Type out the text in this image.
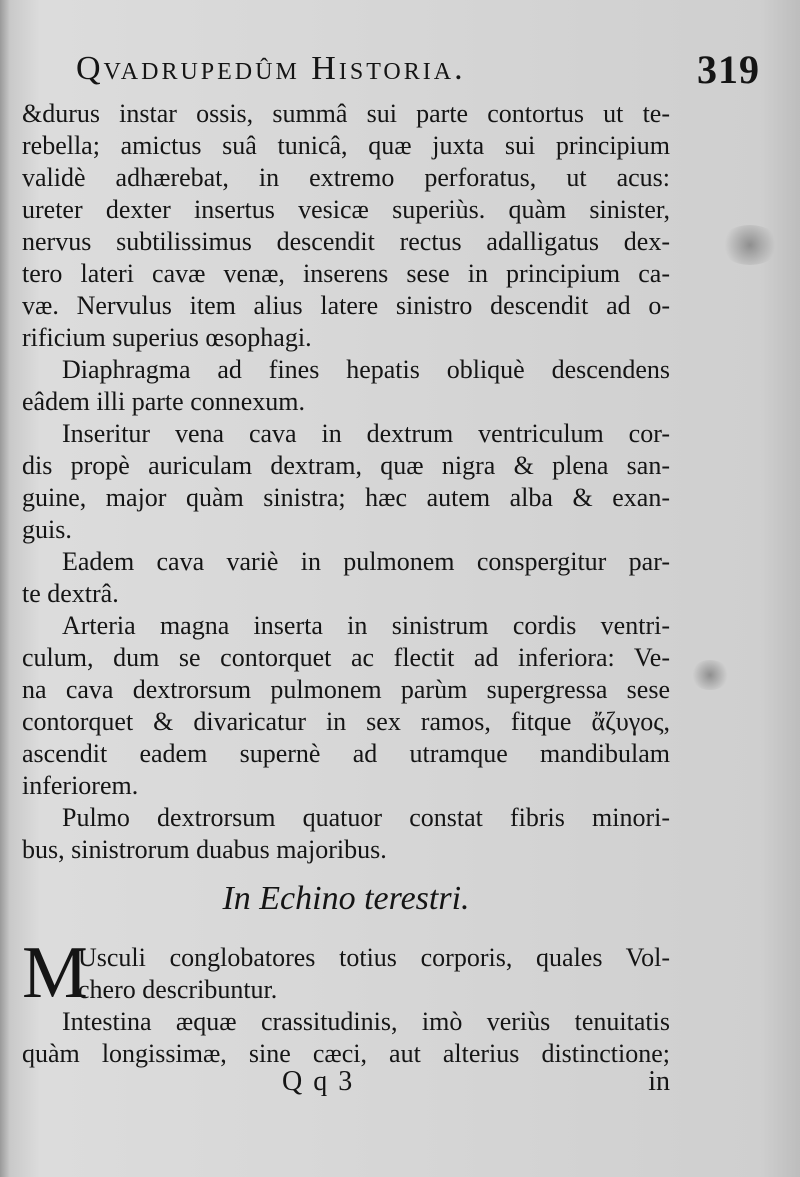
Qvadrupedûm Historia.	319

&durus instar ossis, summâ sui parte contortus ut te-
rebella; amictus suâ tunicâ, quæ juxta sui principium
validè adhærebat, in extremo perforatus, ut acus:
ureter dexter insertus vesicæ superiùs. quàm sinister,
nervus subtilissimus descendit rectus adalligatus dex-
tero lateri cavæ venæ, inserens sese in principium ca-
væ. Nervulus item alius latere sinistro descendit ad o-
rificium superius œsophagi.

Diaphragma ad fines hepatis obliquè descendens
eâdem illi parte connexum.

Inseritur vena cava in dextrum ventriculum cor-
dis propè auriculam dextram, quæ nigra & plena san-
guine, major quàm sinistra; hæc autem alba & exan-
guis.

Eadem cava variè in pulmonem conspergitur par-
te dextrâ.

Arteria magna inserta in sinistrum cordis ventri-
culum, dum se contorquet ac flectit ad inferiora: Ve-
na cava dextrorsum pulmonem parùm supergressa sese
contorquet & divaricatur in sex ramos, fitque ἄζυγος,
ascendit eadem supernè ad utramque mandibulam
inferiorem.

Pulmo dextrorsum quatuor constat fibris minori-
bus, sinistrorum duabus majoribus.

In Echino terestri.
M
Usculi conglobatores totius corporis, quales Vol-
chero describuntur.
Intestina æquæ crassitudinis, imò veriùs tenuitatis
quàm longissimæ, sine cæci, aut alterius distinctione;
Q q 3	in
